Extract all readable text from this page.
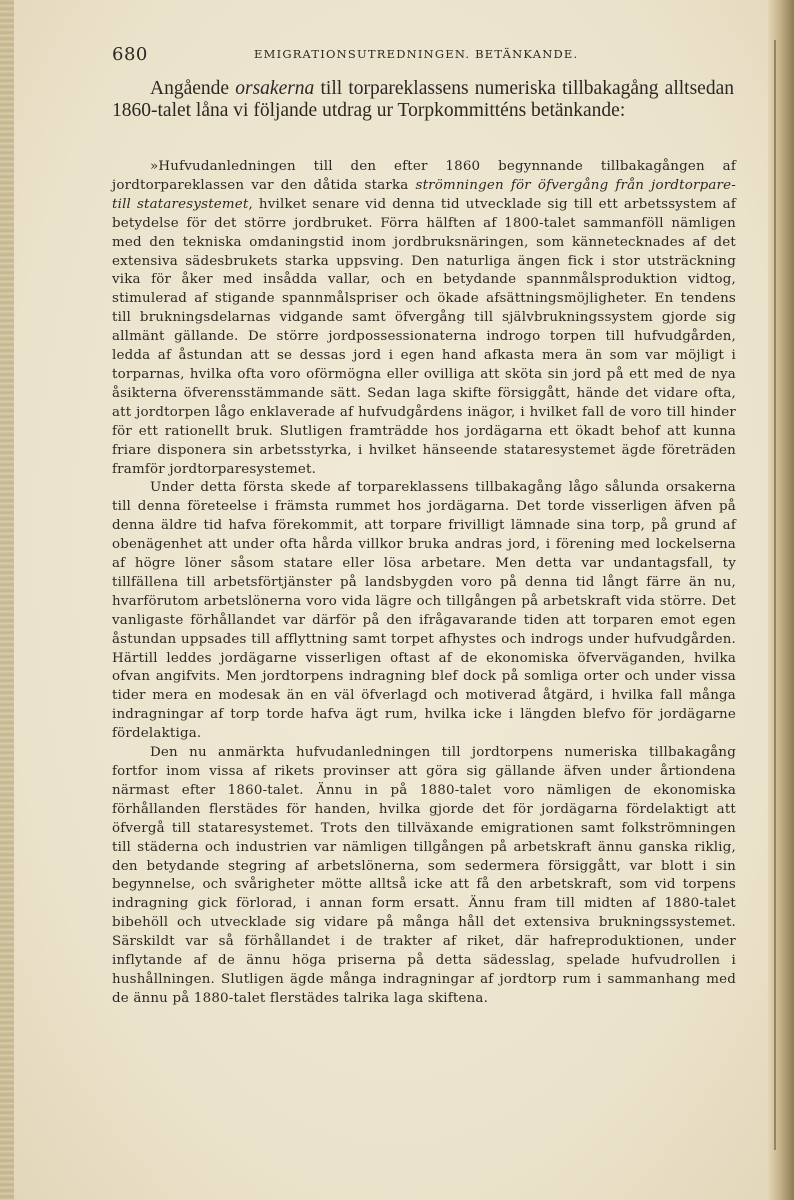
680	EMIGRATIONSUTREDNINGEN. BETÄNKANDE.

Angående orsakerna till torpareklassens numeriska tillbakagång alltsedan 1860-talet låna vi följande utdrag ur Torpkommitténs betänkande:

»Hufvudanledningen till den efter 1860 begynnande tillbakagången af jordtorpareklassen var den dåtida starka strömningen för öfvergång från jordtorpare- till stataresystemet, hvilket senare vid denna tid utvecklade sig till ett arbetssystem af betydelse för det större jordbruket. Förra hälften af 1800-talet sammanföll nämligen med den tekniska omdaningstid inom jordbruksnäringen, som kännetecknades af det extensiva sädesbrukets starka uppsving. Den naturliga ängen fick i stor utsträckning vika för åker med insådda vallar, och en betydande spannmålsproduktion vidtog, stimulerad af stigande spannmålspriser och ökade afsättningsmöjligheter. En tendens till brukningsdelarnas vidgande samt öfvergång till självbrukningssystem gjorde sig allmänt gällande. De större jordpossessionaterna indrogo torpen till hufvudgården, ledda af åstundan att se dessas jord i egen hand afkasta mera än som var möjligt i torparnas, hvilka ofta voro oförmögna eller ovilliga att sköta sin jord på ett med de nya åsikterna öfverensstämmande sätt. Sedan laga skifte försiggått, hände det vidare ofta, att jordtorpen lågo enklaverade af hufvudgårdens inägor, i hvilket fall de voro till hinder för ett rationellt bruk. Slutligen framträdde hos jordägarna ett ökadt behof att kunna friare disponera sin arbetsstyrka, i hvilket hänseende stataresystemet ägde företräden framför jordtorparesystemet.

Under detta första skede af torpareklassens tillbakagång lågo sålunda orsakerna till denna företeelse i främsta rummet hos jordägarna. Det torde visserligen äfven på denna äldre tid hafva förekommit, att torpare frivilligt lämnade sina torp, på grund af obenägenhet att under ofta hårda villkor bruka andras jord, i förening med lockelserna af högre löner såsom statare eller lösa arbetare. Men detta var undantagsfall, ty tillfällena till arbetsförtjänster på landsbygden voro på denna tid långt färre än nu, hvarförutom arbetslönerna voro vida lägre och tillgången på arbetskraft vida större. Det vanligaste förhållandet var därför på den ifrågavarande tiden att torparen emot egen åstundan uppsades till afflyttning samt torpet afhystes och indrogs under hufvudgården. Härtill leddes jordägarne visserligen oftast af de ekonomiska öfverväganden, hvilka ofvan angifvits. Men jordtorpens indragning blef dock på somliga orter och under vissa tider mera en modesak än en väl öfverlagd och motiverad åtgärd, i hvilka fall många indragningar af torp torde hafva ägt rum, hvilka icke i längden blefvo för jordägarne fördelaktiga.

Den nu anmärkta hufvudanledningen till jordtorpens numeriska tillbakagång fortfor inom vissa af rikets provinser att göra sig gällande äfven under årtiondena närmast efter 1860-talet. Ännu in på 1880-talet voro nämligen de ekonomiska förhållanden flerstädes för handen, hvilka gjorde det för jordägarna fördelaktigt att öfvergå till stataresystemet. Trots den tillväxande emigrationen samt folkströmningen till städerna och industrien var nämligen tillgången på arbetskraft ännu ganska riklig, den betydande stegring af arbetslönerna, som sedermera försiggått, var blott i sin begynnelse, och svårigheter mötte alltså icke att få den arbetskraft, som vid torpens indragning gick förlorad, i annan form ersatt. Ännu fram till midten af 1880-talet bibehöll och utvecklade sig vidare på många håll det extensiva brukningssystemet. Särskildt var så förhållandet i de trakter af riket, där hafreproduktionen, under inflytande af de ännu höga priserna på detta sädesslag, spelade hufvudrollen i hushållningen. Slutligen ägde många indragningar af jordtorp rum i sammanhang med de ännu på 1880-talet flerstädes talrika laga skiftena.
